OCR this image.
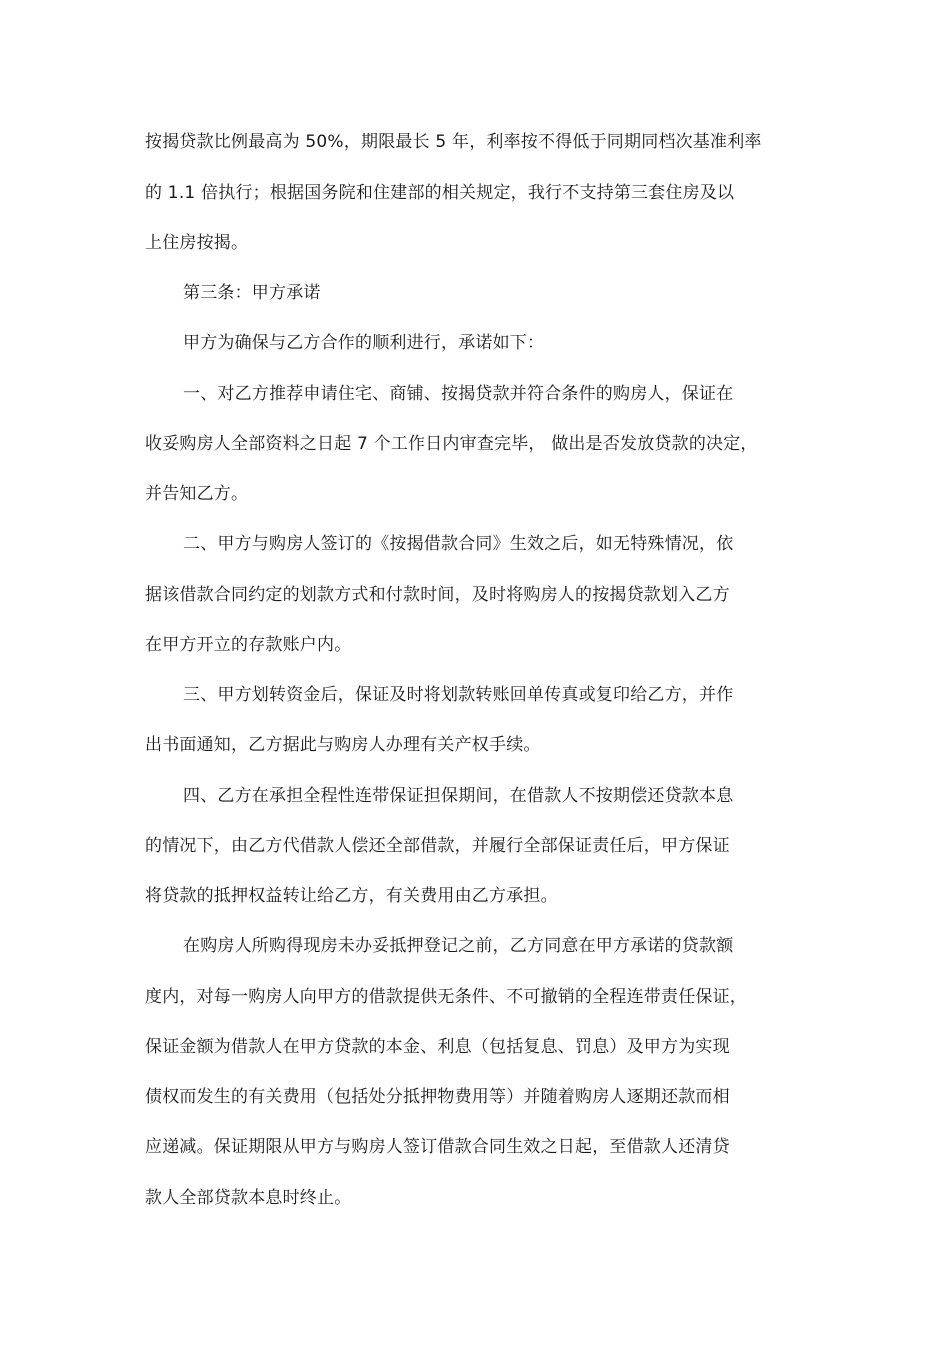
按揭贷款比例最高为 50%，期限最长 5 年，利率按不得低于同期同档次基准利率
的 1.1 倍执行；根据国务院和住建部的相关规定，我行不支持第三套住房及以
上住房按揭。
第三条：甲方承诺
甲方为确保与乙方合作的顺利进行，承诺如下：
一、对乙方推荐申请住宅、商铺、按揭贷款并符合条件的购房人，保证在
收妥购房人全部资料之日起 7 个工作日内审查完毕， 做出是否发放贷款的决定，
并告知乙方。
二、甲方与购房人签订的《按揭借款合同》生效之后，如无特殊情况，依
据该借款合同约定的划款方式和付款时间，及时将购房人的按揭贷款划入乙方
在甲方开立的存款账户内。
三、甲方划转资金后，保证及时将划款转账回单传真或复印给乙方，并作
出书面通知，乙方据此与购房人办理有关产权手续。
四、乙方在承担全程性连带保证担保期间，在借款人不按期偿还贷款本息
的情况下，由乙方代借款人偿还全部借款，并履行全部保证责任后，甲方保证
将贷款的抵押权益转让给乙方，有关费用由乙方承担。
在购房人所购得现房未办妥抵押登记之前，乙方同意在甲方承诺的贷款额
度内，对每一购房人向甲方的借款提供无条件、不可撤销的全程连带责任保证，
保证金额为借款人在甲方贷款的本金、利息（包括复息、罚息）及甲方为实现
债权而发生的有关费用（包括处分抵押物费用等）并随着购房人逐期还款而相
应递减。保证期限从甲方与购房人签订借款合同生效之日起，至借款人还清贷
款人全部贷款本息时终止。
